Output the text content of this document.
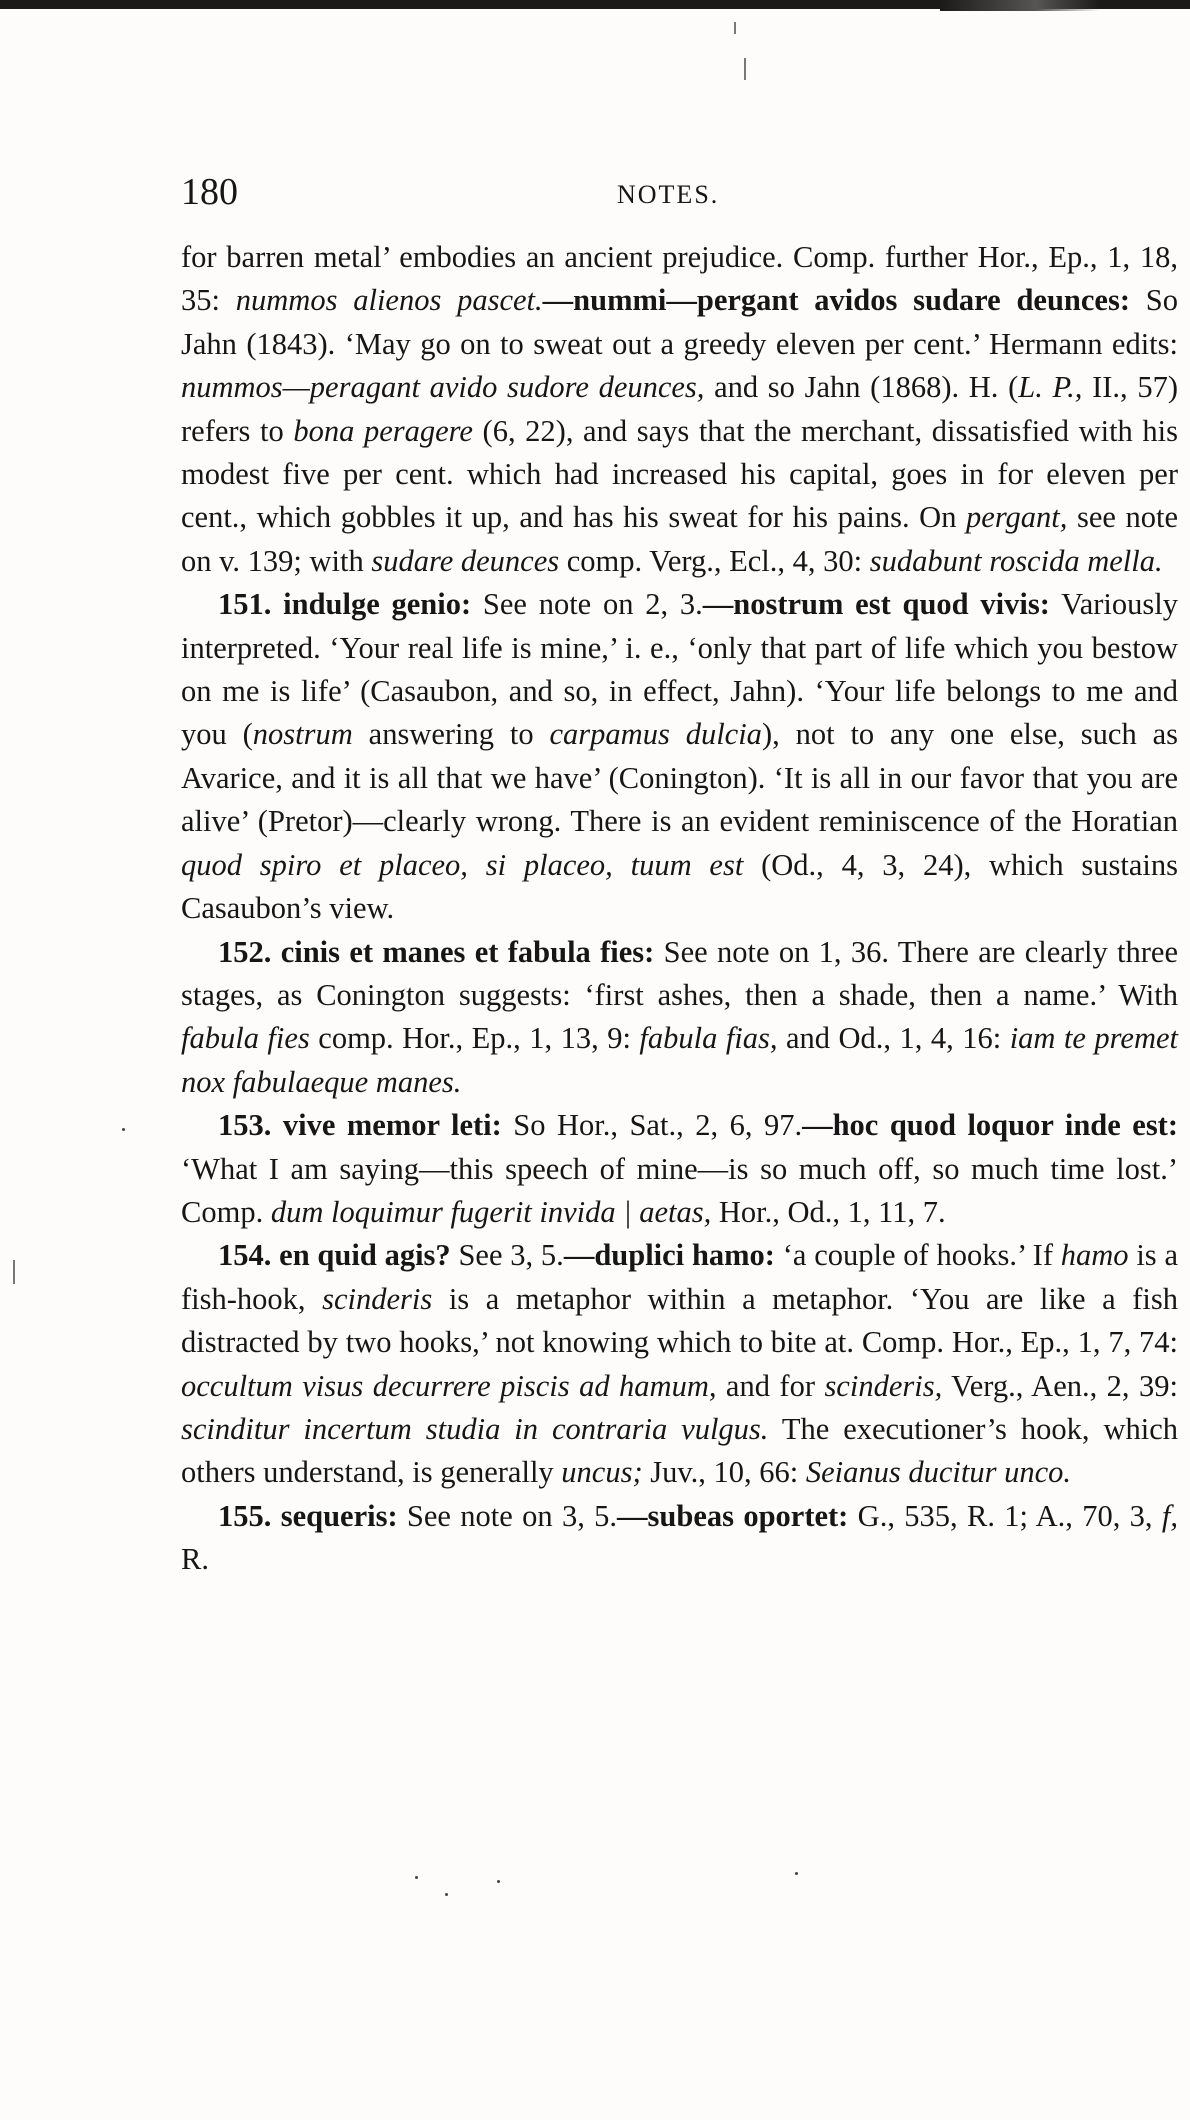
180	NOTES.

for barren metal’ embodies an ancient prejudice. Comp. further Hor., Ep., 1, 18, 35: nummos alienos pascet.—nummi—pergant avidos sudare deunces: So Jahn (1843). ‘May go on to sweat out a greedy eleven per cent.’ Hermann edits: nummos—peragant avido sudore deunces, and so Jahn (1868). H. (L. P., II., 57) refers to bona peragere (6, 22), and says that the merchant, dissatisfied with his modest five per cent. which had increased his capital, goes in for eleven per cent., which gobbles it up, and has his sweat for his pains. On pergant, see note on v. 139; with sudare deunces comp. Verg., Ecl., 4, 30: sudabunt roscida mella.

151. indulge genio: See note on 2, 3.—nostrum est quod vivis: Variously interpreted. ‘Your real life is mine,’ i. e., ‘only that part of life which you bestow on me is life’ (Casaubon, and so, in effect, Jahn). ‘Your life belongs to me and you (nostrum answering to carpamus dulcia), not to any one else, such as Avarice, and it is all that we have’ (Conington). ‘It is all in our favor that you are alive’ (Pretor)—clearly wrong. There is an evident reminiscence of the Horatian quod spiro et placeo, si placeo, tuum est (Od., 4, 3, 24), which sustains Casaubon’s view.

152. cinis et manes et fabula fies: See note on 1, 36. There are clearly three stages, as Conington suggests: ‘first ashes, then a shade, then a name.’ With fabula fies comp. Hor., Ep., 1, 13, 9: fabula fias, and Od., 1, 4, 16: iam te premet nox fabulaeque manes.

153. vive memor leti: So Hor., Sat., 2, 6, 97.—hoc quod loquor inde est: ‘What I am saying—this speech of mine—is so much off, so much time lost.’ Comp. dum loquimur fugerit invida | aetas, Hor., Od., 1, 11, 7.

154. en quid agis? See 3, 5.—duplici hamo: ‘a couple of hooks.’ If hamo is a fish-hook, scinderis is a metaphor within a metaphor. ‘You are like a fish distracted by two hooks,’ not knowing which to bite at. Comp. Hor., Ep., 1, 7, 74: occultum visus decurrere piscis ad hamum, and for scinderis, Verg., Aen., 2, 39: scinditur incertum studia in contraria vulgus. The executioner’s hook, which others understand, is generally uncus; Juv., 10, 66: Seianus ducitur unco.

155. sequeris: See note on 3, 5.—subeas oportet: G., 535, R. 1; A., 70, 3, f, R.
